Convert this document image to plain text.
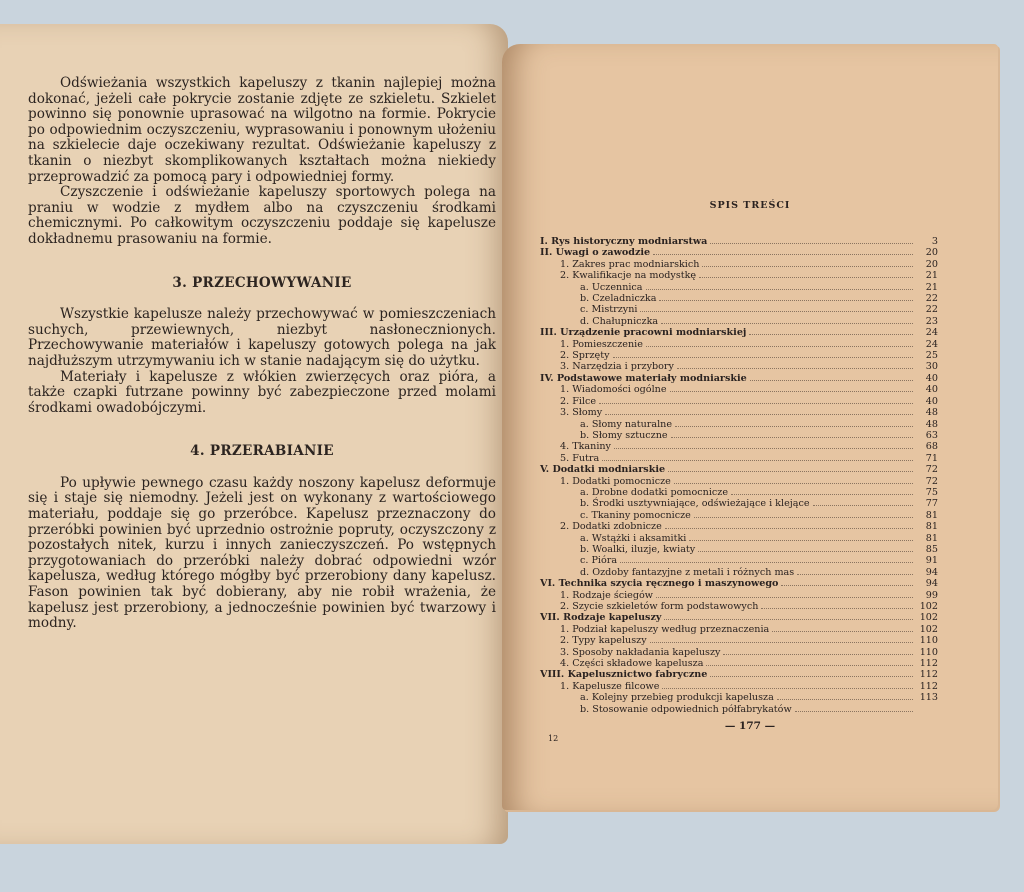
Odświeżania wszystkich kapeluszy z tkanin najlepiej można dokonać, jeżeli całe pokrycie zostanie zdjęte ze szkieletu. Szkielet powinno się ponownie uprasować na wilgotno na formie. Pokrycie po odpowiednim oczyszczeniu, wyprasowaniu i ponownym ułożeniu na szkielecie daje oczekiwany rezultat. Odświeżanie kapeluszy z tkanin o niezbyt skomplikowanych kształtach można niekiedy przeprowadzić za pomocą pary i odpowiedniej formy.

Czyszczenie i odświeżanie kapeluszy sportowych polega na praniu w wodzie z mydłem albo na czyszczeniu środkami chemicznymi. Po całkowitym oczyszczeniu poddaje się kapelusze dokładnemu prasowaniu na formie.

3. PRZECHOWYWANIE

Wszystkie kapelusze należy przechowywać w pomieszczeniach suchych, przewiewnych, niezbyt nasłonecznionych. Przechowywanie materiałów i kapeluszy gotowych polega na jak najdłuższym utrzymywaniu ich w stanie nadającym się do użytku.

Materiały i kapelusze z włókien zwierzęcych oraz pióra, a także czapki futrzane powinny być zabezpieczone przed molami środkami owadobójczymi.

4. PRZERABIANIE

Po upływie pewnego czasu każdy noszony kapelusz deformuje się i staje się niemodny. Jeżeli jest on wykonany z wartościowego materiału, poddaje się go przeróbce. Kapelusz przeznaczony do przeróbki powinien być uprzednio ostrożnie popruty, oczyszczony z pozostałych nitek, kurzu i innych zanieczyszczeń. Po wstępnych przygotowaniach do przeróbki należy dobrać odpowiedni wzór kapelusza, według którego mógłby być przerobiony dany kapelusz. Fason powinien tak być dobierany, aby nie robił wrażenia, że kapelusz jest przerobiony, a jednocześnie powinien być twarzowy i modny.

SPIS TREŚCI
I. Rys historyczny modniarstwa	3
II. Uwagi o zawodzie	20
1. Zakres prac modniarskich	20
2. Kwalifikacje na modystkę	21
a. Uczennica	21
b. Czeladniczka	22
c. Mistrzyni	22
d. Chałupniczka	23
III. Urządzenie pracowni modniarskiej	24
1. Pomieszczenie	24
2. Sprzęty	25
3. Narzędzia i przybory	30
IV. Podstawowe materiały modniarskie	40
1. Wiadomości ogólne	40
2. Filce	40
3. Słomy	48
a. Słomy naturalne	48
b. Słomy sztuczne	63
4. Tkaniny	68
5. Futra	71
V. Dodatki modniarskie	72
1. Dodatki pomocnicze	72
a. Drobne dodatki pomocnicze	75
b. Środki usztywniające, odświeżające i klejące	77
c. Tkaniny pomocnicze	81
2. Dodatki zdobnicze	81
a. Wstążki i aksamitki	81
b. Woalki, iluzje, kwiaty	85
c. Pióra	91
d. Ozdoby fantazyjne z metali i różnych mas	94
VI. Technika szycia ręcznego i maszynowego	94
1. Rodzaje ściegów	99
2. Szycie szkieletów form podstawowych	102
VII. Rodzaje kapeluszy	102
1. Podział kapeluszy według przeznaczenia	102
2. Typy kapeluszy	110
3. Sposoby nakładania kapeluszy	110
4. Części składowe kapelusza	112
VIII. Kapelusznictwo fabryczne	112
1. Kapelusze filcowe	112
a. Kolejny przebieg produkcji kapelusza	113
b. Stosowanie odpowiednich półfabrykatów
12
— 177 —
